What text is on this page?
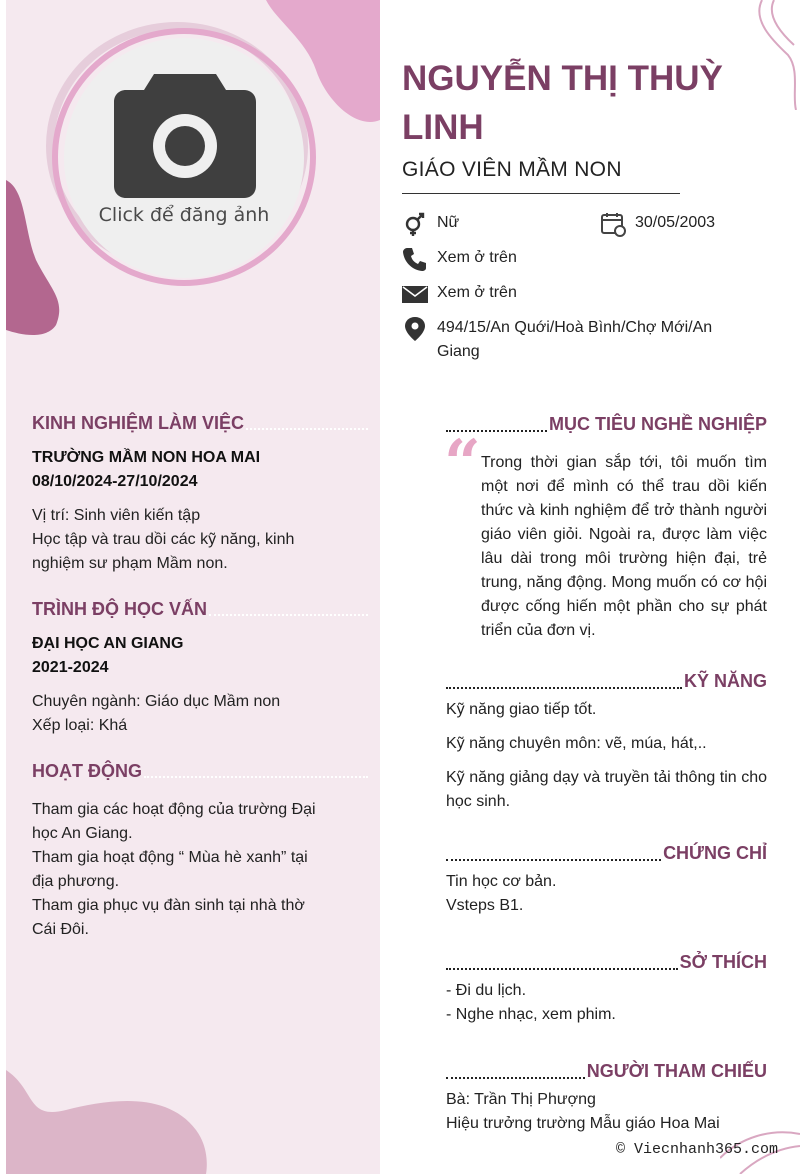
Click để đăng ảnh
KINH NGHIỆM LÀM VIỆC
TRƯỜNG MẦM NON HOA MAI
08/10/2024-27/10/2024
Vị trí: Sinh viên kiến tập
Học tập và trau dồi các kỹ năng, kinh nghiệm sư phạm Mầm non.
TRÌNH ĐỘ HỌC VẤN
ĐẠI HỌC AN GIANG
2021-2024
Chuyên ngành: Giáo dục Mầm non
Xếp loại: Khá
HOẠT ĐỘNG
Tham gia các hoạt động của trường Đại học An Giang.
Tham gia hoạt động “ Mùa hè xanh” tại địa phương.
Tham gia phục vụ đàn sinh tại nhà thờ Cái Đôi.
NGUYỄN THỊ THUỲ LINH
GIÁO VIÊN MẦM NON
Nữ	30/05/2003
Xem ở trên
Xem ở trên
494/15/An Quới/Hoà Bình/Chợ Mới/An Giang
MỤC TIÊU NGHỀ NGHIỆP
“ Trong thời gian sắp tới, tôi muốn tìm một nơi để mình có thể trau dồi kiến thức và kinh nghiệm để trở thành người giáo viên giỏi. Ngoài ra, được làm việc lâu dài trong môi trường hiện đại, trẻ trung, năng động. Mong muốn có cơ hội được cống hiến một phần cho sự phát triển của đơn vị.
KỸ NĂNG
Kỹ năng giao tiếp tốt.
Kỹ năng chuyên môn: vẽ, múa, hát,..
Kỹ năng giảng dạy và truyền tải thông tin cho học sinh.
CHỨNG CHỈ
Tin học cơ bản.
Vsteps B1.
SỞ THÍCH
- Đi du lịch.
- Nghe nhạc, xem phim.
NGƯỜI THAM CHIẾU
Bà: Trần Thị Phượng
Hiệu trưởng trường Mẫu giáo Hoa Mai
© Viecnhanh365.com
